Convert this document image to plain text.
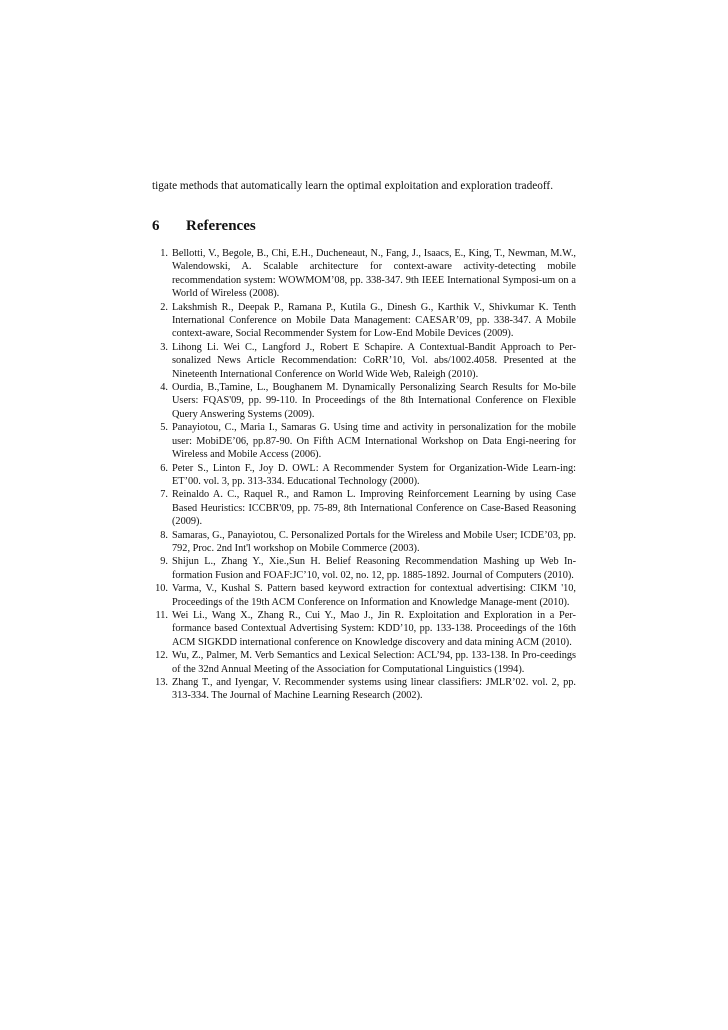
tigate methods that automatically learn the optimal exploitation and exploration tradeoff.

6	References
1. Bellotti, V., Begole, B., Chi, E.H., Ducheneaut, N., Fang, J., Isaacs, E., King, T., Newman, M.W., Walendowski, A. Scalable architecture for context-aware activity-detecting mobile recommendation system: WOWMOM’08, pp. 338-347. 9th IEEE International Symposi-um on a World of Wireless (2008).
2. Lakshmish R., Deepak P., Ramana P., Kutila G., Dinesh G., Karthik V., Shivkumar K. Tenth International Conference on Mobile Data Management: CAESAR’09, pp. 338-347. A Mobile context-aware, Social Recommender System for Low-End Mobile Devices (2009).
3. Lihong Li. Wei C., Langford J., Robert E Schapire. A Contextual-Bandit Approach to Per-sonalized News Article Recommendation: CoRR’10, Vol. abs/1002.4058. Presented at the Nineteenth International Conference on World Wide Web, Raleigh (2010).
4. Ourdia, B.,Tamine, L., Boughanem M. Dynamically Personalizing Search Results for Mo-bile Users: FQAS'09, pp. 99-110. In Proceedings of the 8th International Conference on Flexible Query Answering Systems (2009).
5. Panayiotou, C., Maria I., Samaras G. Using time and activity in personalization for the mobile user: MobiDE’06, pp.87-90. On Fifth ACM International Workshop on Data Engi-neering for Wireless and Mobile Access (2006).
6. Peter S., Linton F., Joy D. OWL: A Recommender System for Organization-Wide Learn-ing: ET’00. vol. 3, pp. 313-334. Educational Technology (2000).
7. Reinaldo A. C., Raquel R., and Ramon L. Improving Reinforcement Learning by using Case Based Heuristics: ICCBR'09, pp. 75-89, 8th International Conference on Case-Based Reasoning (2009).
8. Samaras, G., Panayiotou, C. Personalized Portals for the Wireless and Mobile User; ICDE’03, pp. 792, Proc. 2nd Int'l workshop on Mobile Commerce (2003).
9. Shijun L., Zhang Y., Xie.,Sun H. Belief Reasoning Recommendation Mashing up Web In-formation Fusion and FOAF:JC’10, vol. 02, no. 12, pp. 1885-1892. Journal of Computers (2010).
10. Varma, V., Kushal S. Pattern based keyword extraction for contextual advertising: CIKM '10, Proceedings of the 19th ACM Conference on Information and Knowledge Manage-ment (2010).
11. Wei Li., Wang X., Zhang R., Cui Y., Mao J., Jin R. Exploitation and Exploration in a Per-formance based Contextual Advertising System: KDD’10, pp. 133-138. Proceedings of the 16th ACM SIGKDD international conference on Knowledge discovery and data mining ACM (2010).
12. Wu, Z., Palmer, M. Verb Semantics and Lexical Selection: ACL’94, pp. 133-138. In Pro-ceedings of the 32nd Annual Meeting of the Association for Computational Linguistics (1994).
13. Zhang T., and Iyengar, V. Recommender systems using linear classifiers: JMLR’02. vol. 2, pp. 313-334. The Journal of Machine Learning Research (2002).
